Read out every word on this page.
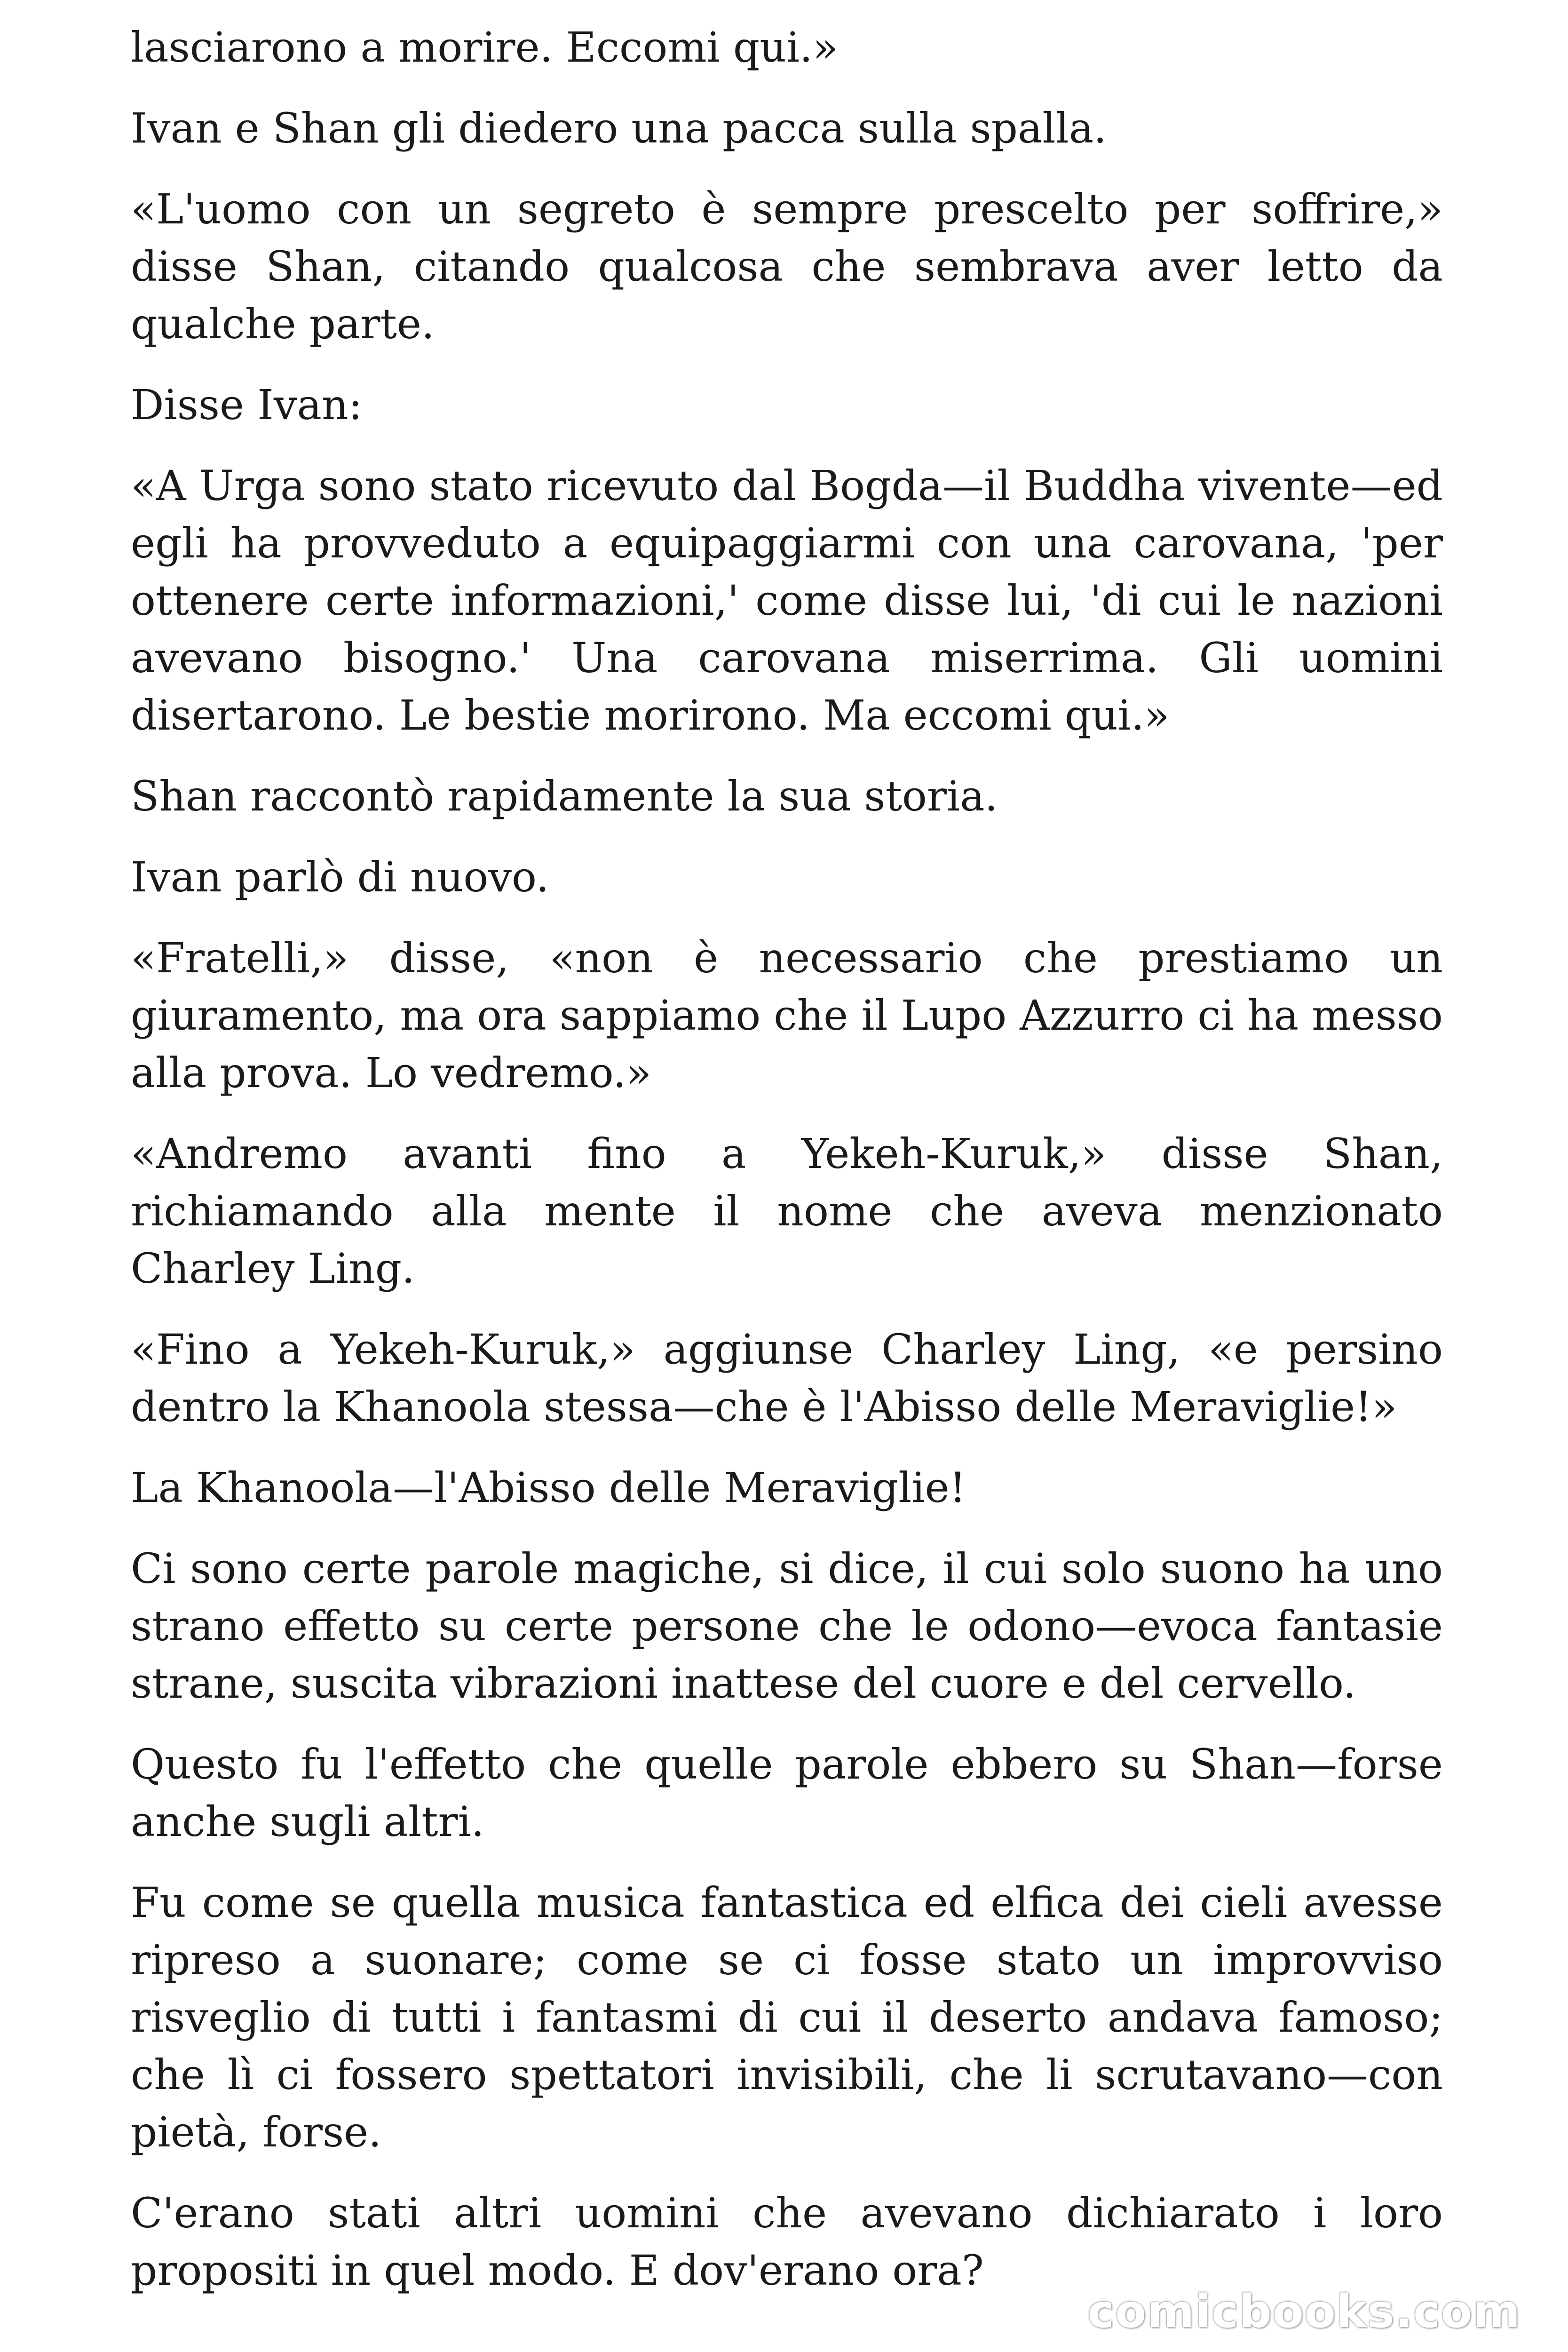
lasciarono a morire. Eccomi qui.»

Ivan e Shan gli diedero una pacca sulla spalla.

«L'uomo con un segreto è sempre prescelto per soffrire,» disse Shan, citando qualcosa che sembrava aver letto da qualche parte.

Disse Ivan:

«A Urga sono stato ricevuto dal Bogda—il Buddha vivente—ed egli ha provveduto a equipaggiarmi con una carovana, 'per ottenere certe informazioni,' come disse lui, 'di cui le nazioni avevano bisogno.' Una carovana miserrima. Gli uomini disertarono. Le bestie morirono. Ma eccomi qui.»

Shan raccontò rapidamente la sua storia.

Ivan parlò di nuovo.

«Fratelli,» disse, «non è necessario che prestiamo un giuramento, ma ora sappiamo che il Lupo Azzurro ci ha messo alla prova. Lo vedremo.»

«Andremo avanti fino a Yekeh-Kuruk,» disse Shan, richiamando alla mente il nome che aveva menzionato Charley Ling.

«Fino a Yekeh-Kuruk,» aggiunse Charley Ling, «e persino dentro la Khanoola stessa—che è l'Abisso delle Meraviglie!»

La Khanoola—l'Abisso delle Meraviglie!

Ci sono certe parole magiche, si dice, il cui solo suono ha uno strano effetto su certe persone che le odono—evoca fantasie strane, suscita vibrazioni inattese del cuore e del cervello.

Questo fu l'effetto che quelle parole ebbero su Shan—forse anche sugli altri.

Fu come se quella musica fantastica ed elfica dei cieli avesse ripreso a suonare; come se ci fosse stato un improvviso risveglio di tutti i fantasmi di cui il deserto andava famoso; che lì ci fossero spettatori invisibili, che li scrutavano—con pietà, forse.

C'erano stati altri uomini che avevano dichiarato i loro propositi in quel modo. E dov'erano ora?

comicbooks.com
